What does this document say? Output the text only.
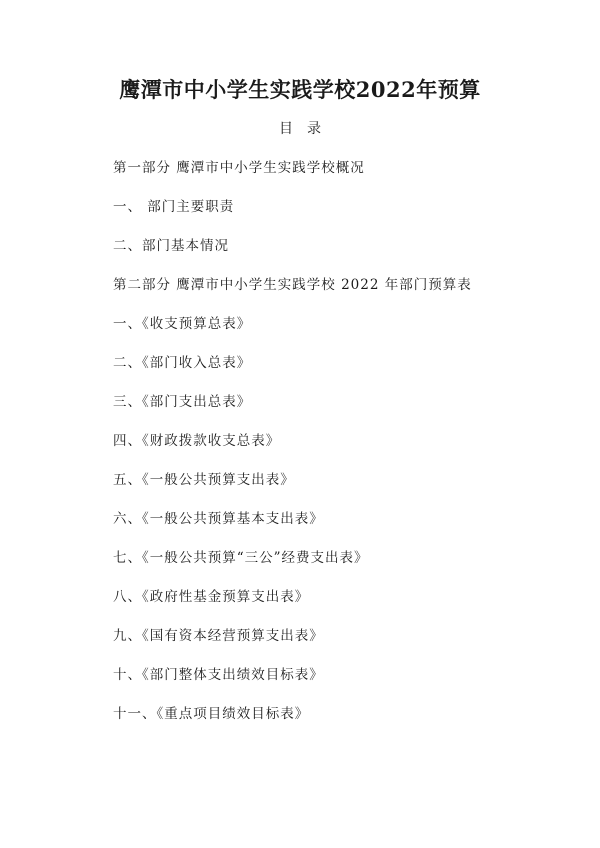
鹰潭市中小学生实践学校2022年预算
目录
第一部分 鹰潭市中小学生实践学校概况
一、 部门主要职责
二、部门基本情况
第二部分 鹰潭市中小学生实践学校 2022 年部门预算表
一、《收支预算总表》
二、《部门收入总表》
三、《部门支出总表》
四、《财政拨款收支总表》
五、《一般公共预算支出表》
六、《一般公共预算基本支出表》
七、《一般公共预算“三公”经费支出表》
八、《政府性基金预算支出表》
九、《国有资本经营预算支出表》
十、《部门整体支出绩效目标表》
十一、《重点项目绩效目标表》
